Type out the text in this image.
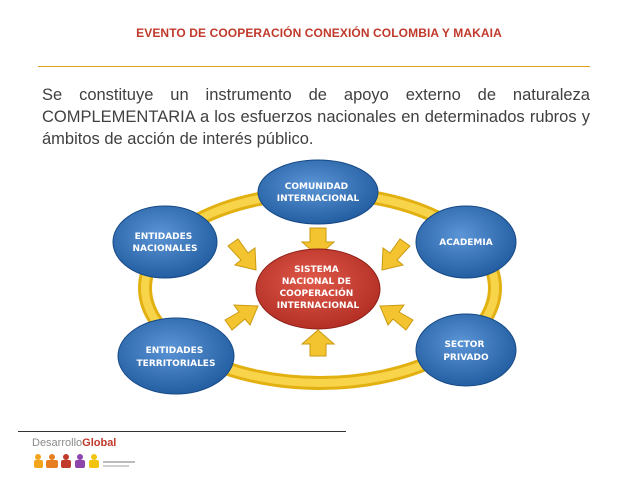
EVENTO DE COOPERACIÓN CONEXIÓN COLOMBIA Y MAKAIA
Se constituye un instrumento de apoyo externo de naturaleza COMPLEMENTARIA a los esfuerzos nacionales en determinados rubros y ámbitos de acción de interés público.
SISTEMA NACIONAL DE COOPERACIÓN INTERNACIONAL
COMUNIDAD INTERNACIONAL
ENTIDADES NACIONALES
ACADEMIA
ENTIDADES TERRITORIALES
SECTOR PRIVADO
DesarrolloGlobal
